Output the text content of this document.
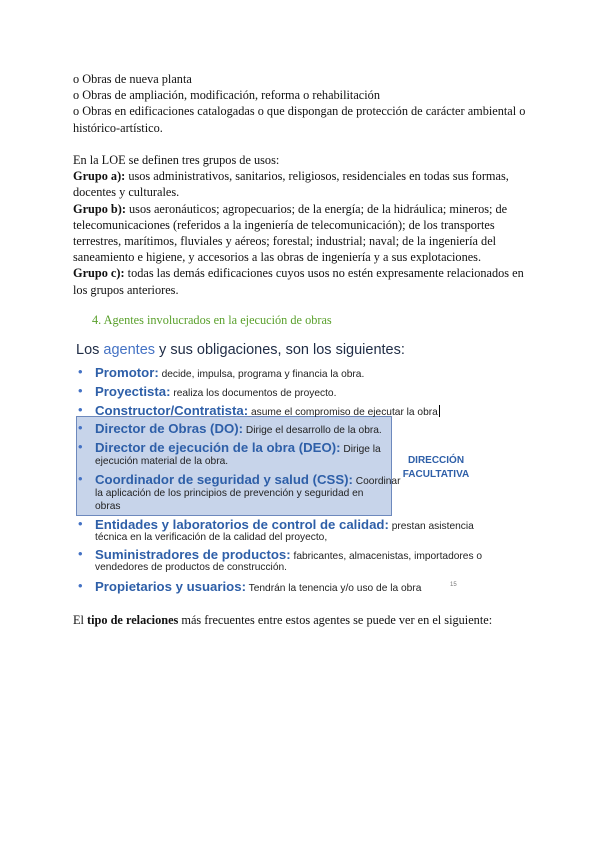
o Obras de nueva planta
o Obras de ampliación, modificación, reforma o rehabilitación
o Obras en edificaciones catalogadas o que dispongan de protección de carácter ambiental o
histórico-artístico.
En la LOE se definen tres grupos de usos:
Grupo a): usos administrativos, sanitarios, religiosos, residenciales en todas sus formas,
docentes y culturales.
Grupo b): usos aeronáuticos; agropecuarios; de la energía; de la hidráulica; mineros; de
telecomunicaciones (referidos a la ingeniería de telecomunicación); de los transportes
terrestres, marítimos, fluviales y aéreos; forestal; industrial; naval; de la ingeniería del
saneamiento e higiene, y accesorios a las obras de ingeniería y a sus explotaciones.
Grupo c): todas las demás edificaciones cuyos usos no estén expresamente relacionados en
los grupos anteriores.
4. Agentes involucrados en la ejecución de obras
Los agentes y sus obligaciones, son los siguientes:
• Promotor: decide, impulsa, programa y financia la obra.
• Proyectista: realiza los documentos de proyecto.
• Constructor/Contratista: asume el compromiso de ejecutar la obra
• Director de Obras (DO): Dirige el desarrollo de la obra.
• Director de ejecución de la obra (DEO): Dirige la
ejecución material de la obra.
• Coordinador de seguridad y salud (CSS): Coordinar
la aplicación de los principios de prevención y seguridad en
obras
DIRECCIÓN
FACULTATIVA
• Entidades y laboratorios de control de calidad: prestan asistencia
técnica en la verificación de la calidad del proyecto,
• Suministradores de productos: fabricantes, almacenistas, importadores o
vendedores de productos de construcción.
• Propietarios y usuarios: Tendrán la tenencia y/o uso de la obra	15
El tipo de relaciones más frecuentes entre estos agentes se puede ver en el siguiente:
